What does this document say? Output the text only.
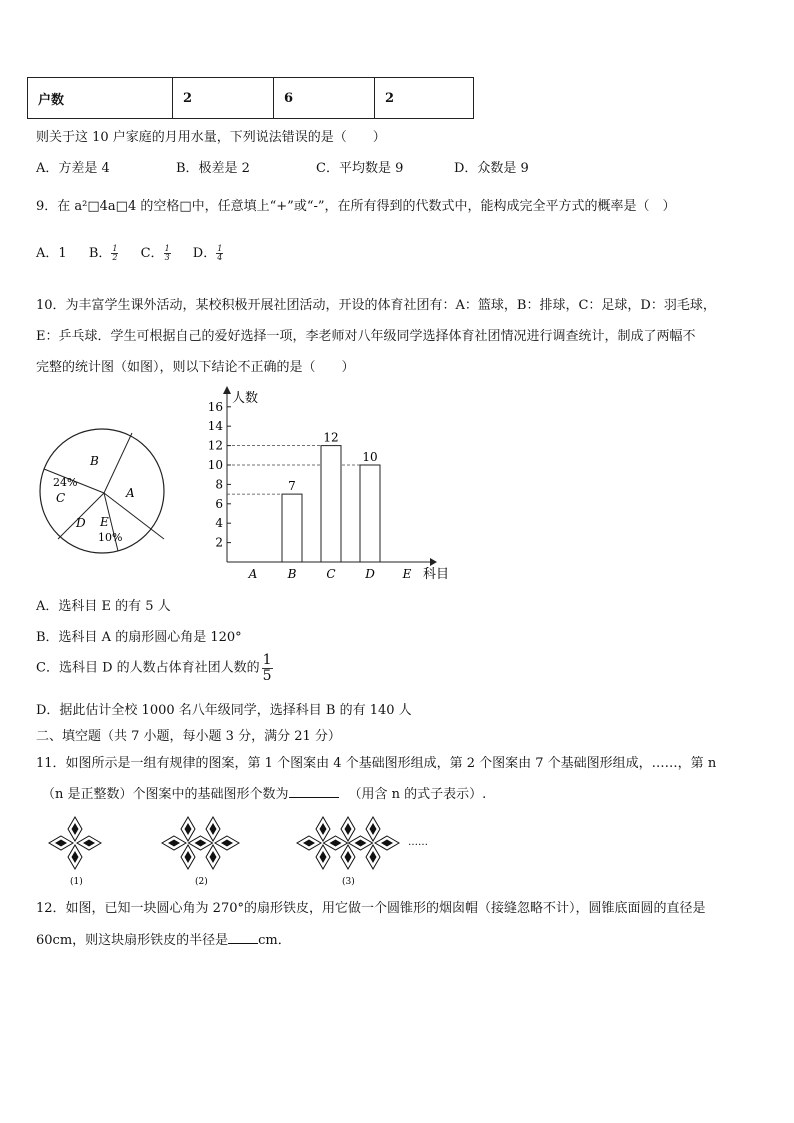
户数	2	6	2
则关于这 10 户家庭的月用水量，下列说法错误的是（　　）
A．方差是 4	B．极差是 2	C．平均数是 9	D．众数是 9
9．在 a²□4a□4 的空格□中，任意填上“+”或“-”，在所有得到的代数式中，能构成完全平方式的概率是（　）
A．1 B． $\frac{1}{2}$ C． $\frac{1}{3}$ D． $\frac{1}{4}$
10．为丰富学生课外活动，某校积极开展社团活动，开设的体育社团有：A：篮球，B：排球，C：足球，D：羽毛球，
E：乒乓球．学生可根据自己的爱好选择一项，李老师对八年级同学选择体育社团情况进行调查统计，制成了两幅不
完整的统计图（如图），则以下结论不正确的是（　　）
A
B
C
D E
24%
10%	2
4
6
8
10
12
14
16
A	B C D E
7
12
10
人数
科目
A．选科目 E 的有 5 人
B．选科目 A 的扇形圆心角是 120°
C．选科目 D 的人数占体育社团人数的 $\frac{1}{5}$
D．据此估计全校 1000 名八年级同学，选择科目 B 的有 140 人
二、填空题（共 7 小题，每小题 3 分，满分 21 分）
11．如图所示是一组有规律的图案，第 1 个图案由 4 个基础图形组成，第 2 个图案由 7 个基础图形组成，……，第 n
（n 是正整数）个图案中的基础图形个数为	（用含 n 的式子表示）.
(1)	(2)	(3)
……
12．如图，已知一块圆心角为 270°的扇形铁皮，用它做一个圆锥形的烟囱帽（接缝忽略不计），圆锥底面圆的直径是
60cm，则这块扇形铁皮的半径是 cm．
